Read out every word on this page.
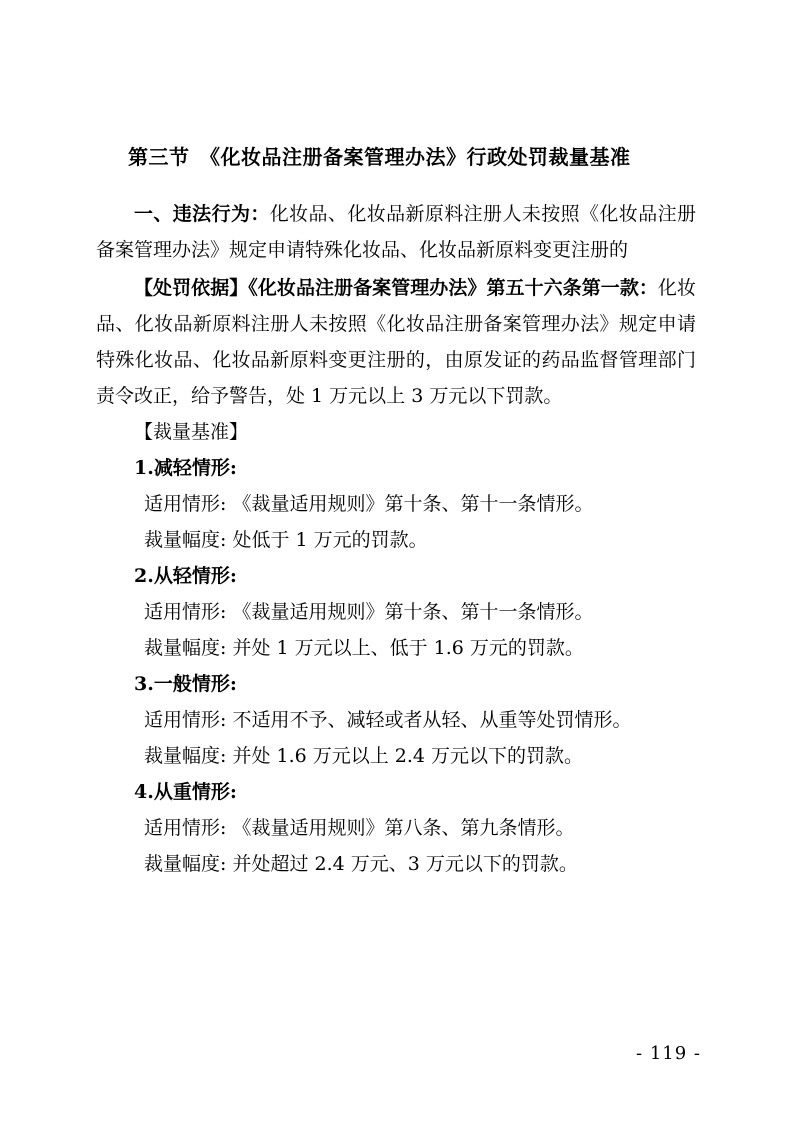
第三节　《化妆品注册备案管理办法》行政处罚裁量基准

一、违法行为：化妆品、化妆品新原料注册人未按照《化妆品注册备案管理办法》规定申请特殊化妆品、化妆品新原料变更注册的

【处罚依据】《化妆品注册备案管理办法》第五十六条第一款：化妆品、化妆品新原料注册人未按照《化妆品注册备案管理办法》规定申请特殊化妆品、化妆品新原料变更注册的，由原发证的药品监督管理部门责令改正，给予警告，处 1 万元以上 3 万元以下罚款。

【裁量基准】

1.减轻情形:

适用情形: 《裁量适用规则》第十条、第十一条情形。

裁量幅度: 处低于 1 万元的罚款。

2.从轻情形:

适用情形: 《裁量适用规则》第十条、第十一条情形。

裁量幅度: 并处 1 万元以上、低于 1.6 万元的罚款。

3.一般情形:

适用情形: 不适用不予、减轻或者从轻、从重等处罚情形。

裁量幅度: 并处 1.6 万元以上 2.4 万元以下的罚款。

4.从重情形:

适用情形: 《裁量适用规则》第八条、第九条情形。

裁量幅度: 并处超过 2.4 万元、3 万元以下的罚款。

- 119 -
